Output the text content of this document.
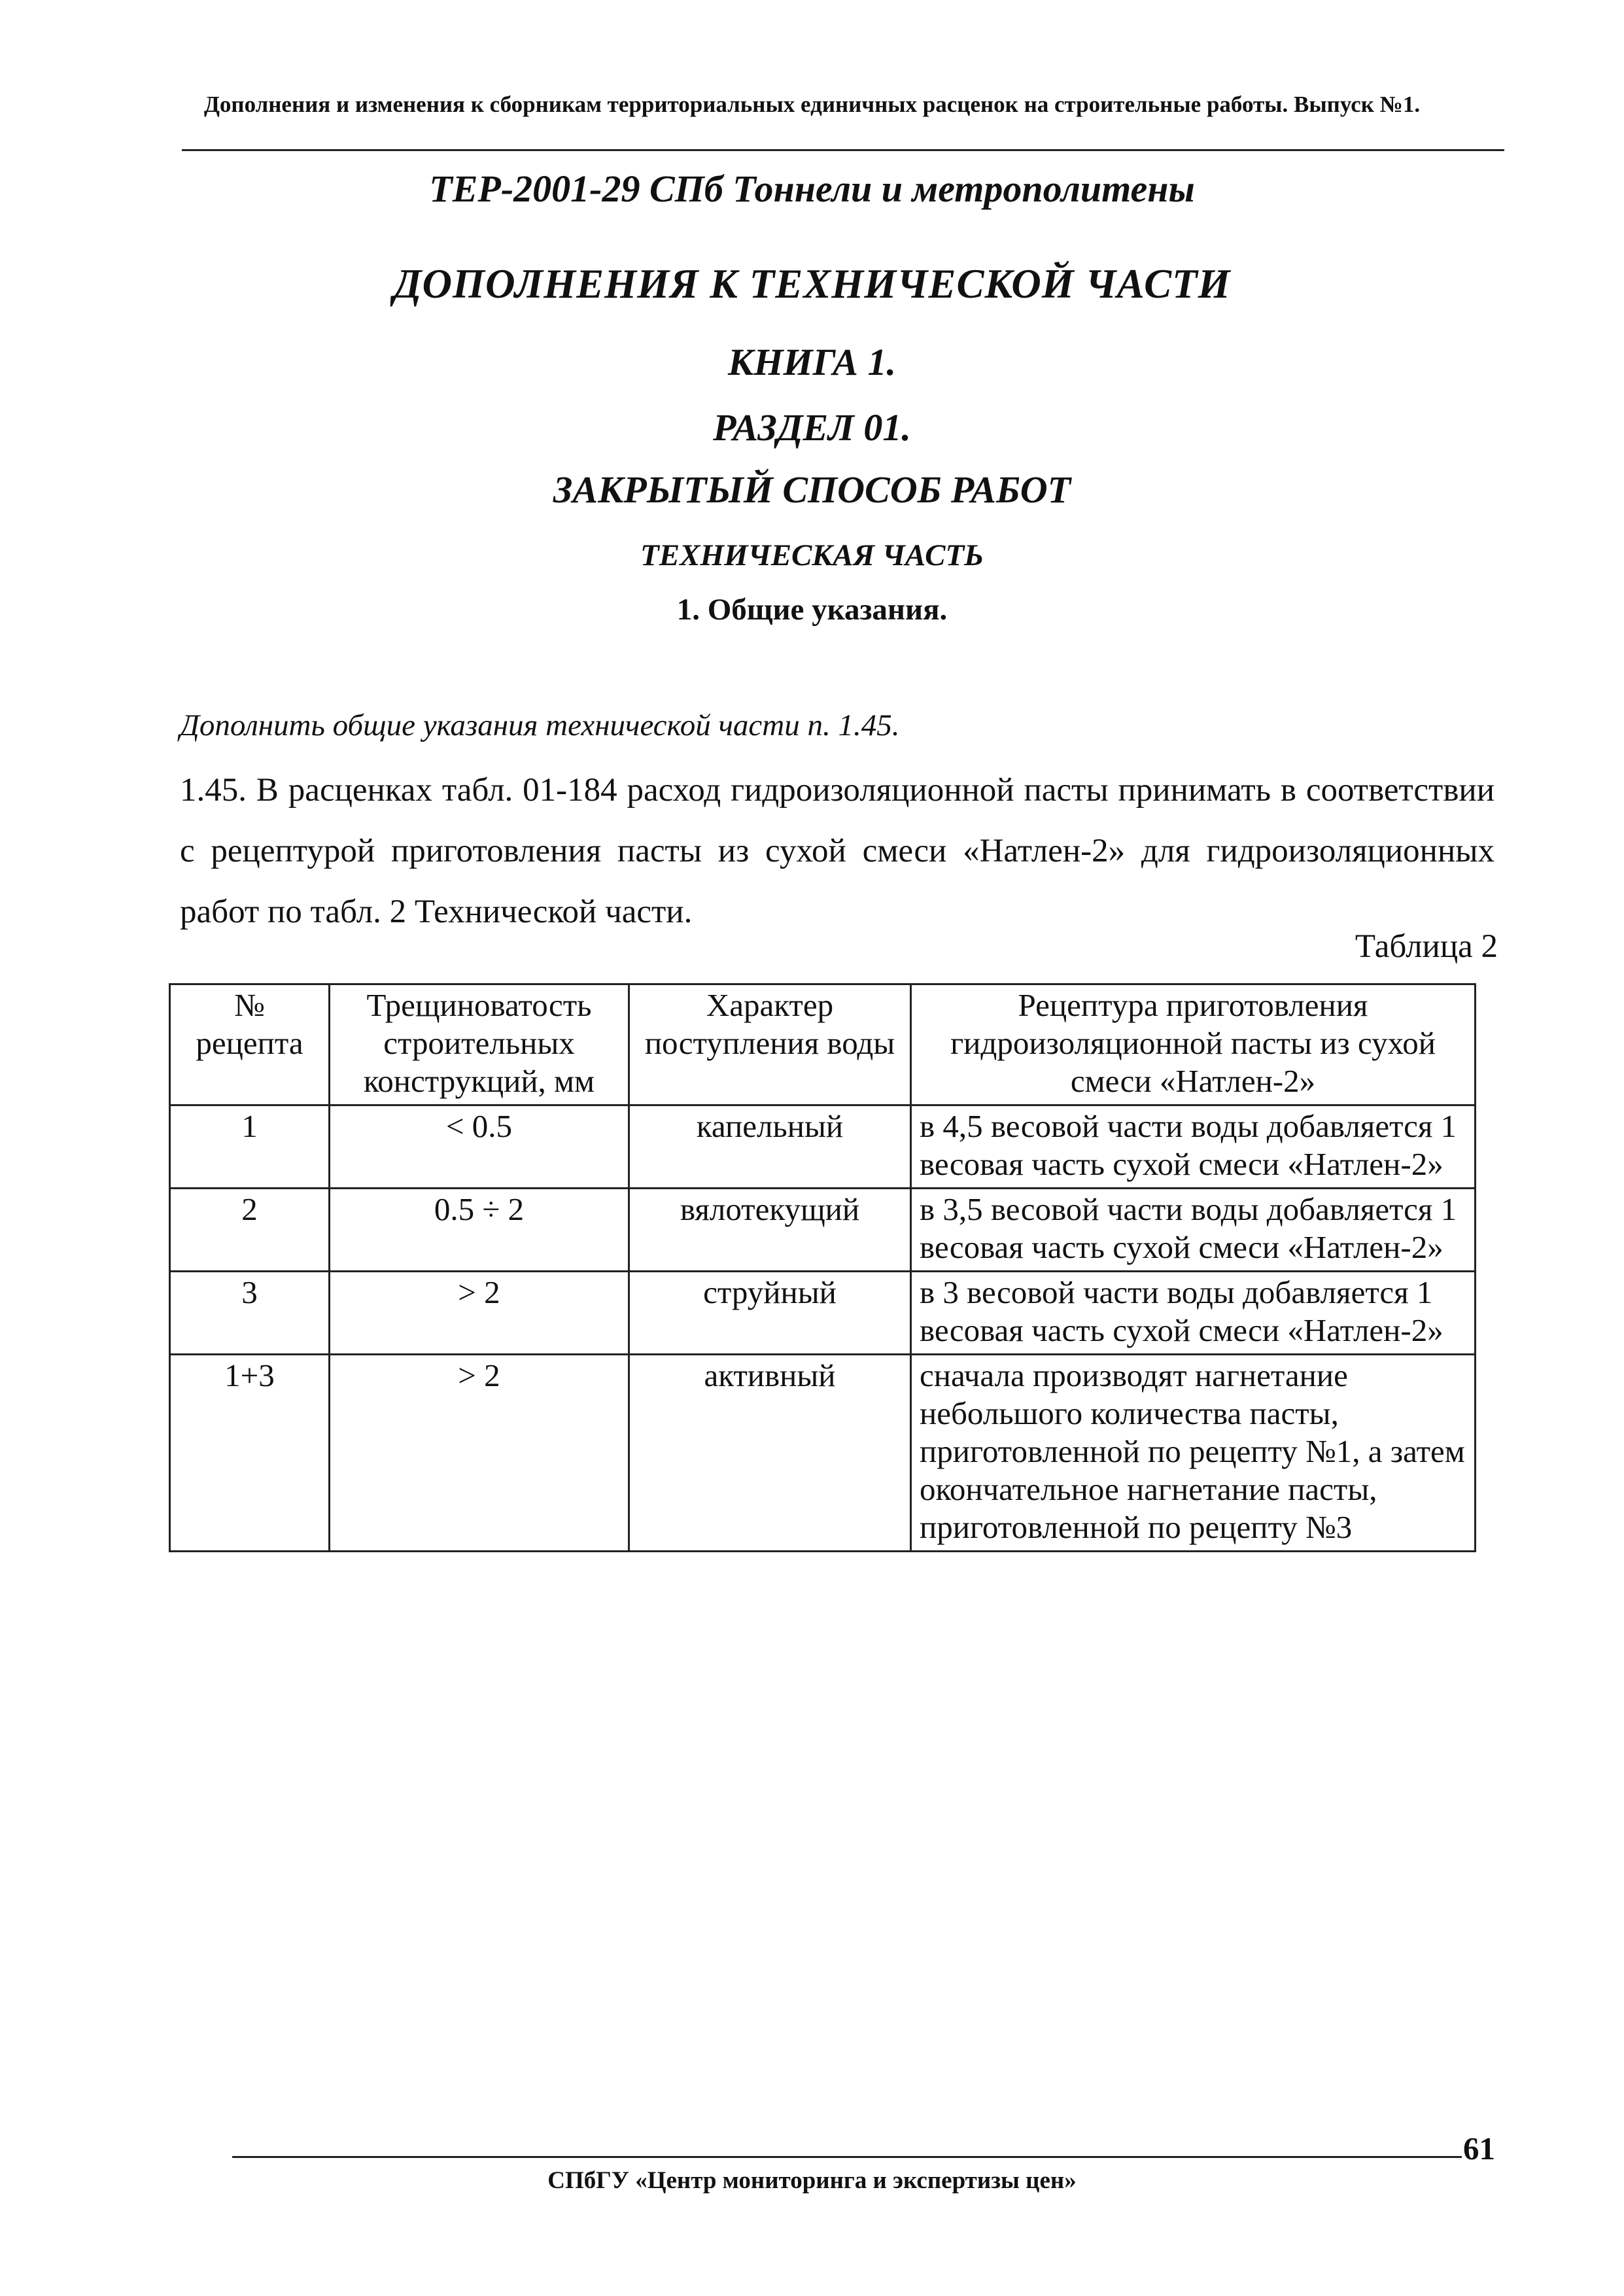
Дополнения и изменения к сборникам территориальных единичных расценок на строительные работы. Выпуск №1.
ТЕР-2001-29 СПб Тоннели и метрополитены
ДОПОЛНЕНИЯ К ТЕХНИЧЕСКОЙ ЧАСТИ
КНИГА 1.
РАЗДЕЛ 01.
ЗАКРЫТЫЙ СПОСОБ РАБОТ
ТЕХНИЧЕСКАЯ ЧАСТЬ
1. Общие указания.
Дополнить общие указания технической части п. 1.45.

1.45. В расценках табл. 01-184 расход гидроизоляционной пасты принимать в соответствии с рецептурой приготовления пасты из сухой смеси «Натлен-2» для гидроизоляционных работ по табл. 2 Технической части.

Таблица 2
№ рецепта	Трещиноватость строительных конструкций, мм	Характер поступления воды	Рецептура приготовления гидроизоляционной пасты из сухой смеси «Натлен-2»
1	< 0.5	капельный	в 4,5 весовой части воды добавляется 1 весовая часть сухой смеси «Натлен-2»
2	0.5 ÷ 2	вялотекущий	в 3,5 весовой части воды добавляется 1 весовая часть сухой смеси «Натлен-2»
3	> 2	струйный	в 3 весовой части воды добавляется 1 весовая часть сухой смеси «Натлен-2»
1+3	> 2	активный	сначала производят нагнетание небольшого количества пасты, приготовленной по рецепту №1, а затем окончательное нагнетание пасты, приготовленной по рецепту №3
61
СПбГУ «Центр мониторинга и экспертизы цен»
